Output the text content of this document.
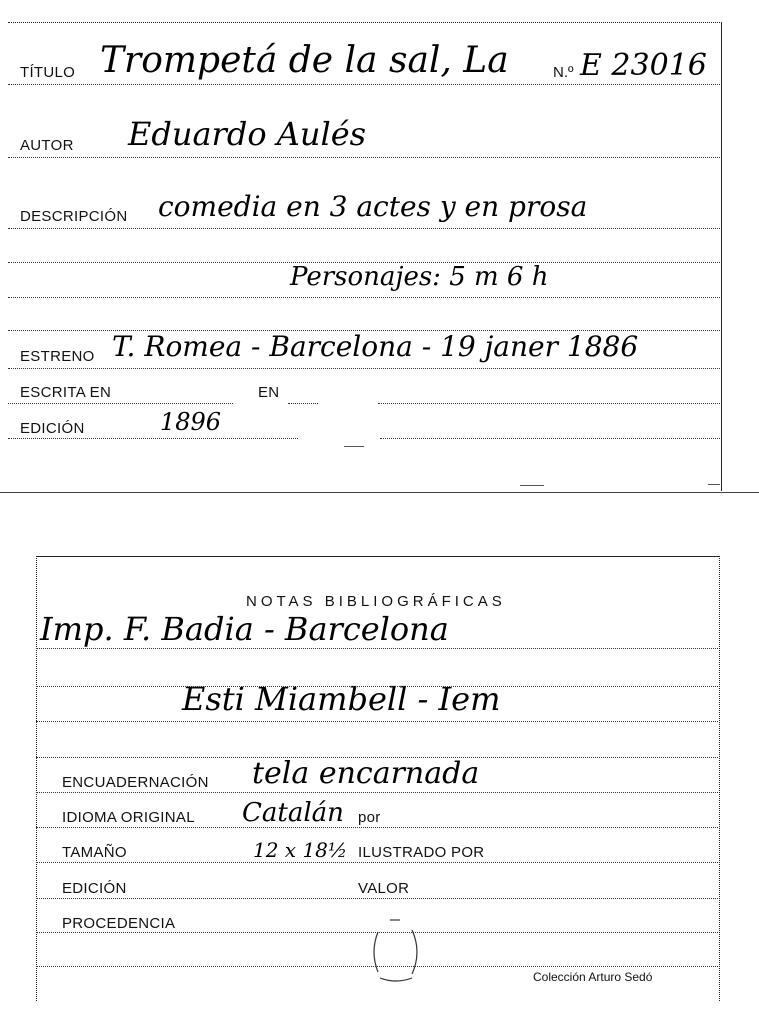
TÍTULO Trompetá de la sal, La	N.º E 23016
AUTOR Eduardo Aulés
DESCRIPCIÓN comedia en 3 actes y en prosa
Personajes: 5 m 6 h
ESTRENO T. Romea - Barcelona - 19 janer 1886
ESCRITA EN	EN
EDICIÓN	1896
NOTAS BIBLIOGRÁFICAS
Imp. F. Badia - Barcelona
Esti Miambell - Iem
ENCUADERNACIÓN tela encarnada
IDIOMA ORIGINAL Catalán por
TAMAÑO	12 x 18½ ILUSTRADO POR
EDICIÓN	VALOR
PROCEDENCIA
Colección Arturo Sedó
